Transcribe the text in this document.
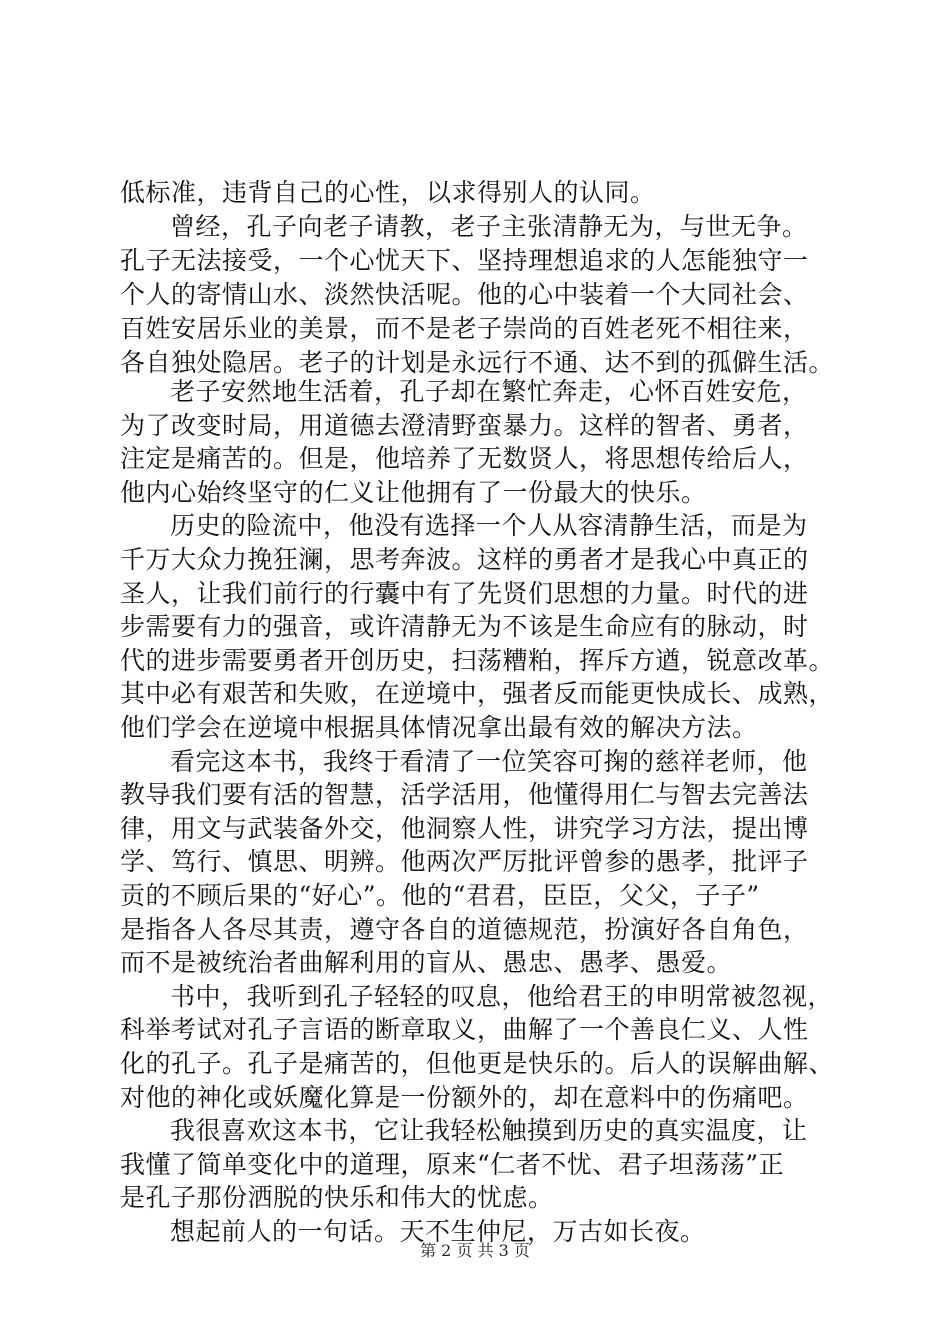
低标准，违背自己的心性，以求得别人的认同。
曾经，孔子向老子请教，老子主张清静无为，与世无争。
孔子无法接受，一个心忧天下、坚持理想追求的人怎能独守一
个人的寄情山水、淡然快活呢。他的心中装着一个大同社会、
百姓安居乐业的美景，而不是老子崇尚的百姓老死不相往来，
各自独处隐居。老子的计划是永远行不通、达不到的孤僻生活。
老子安然地生活着，孔子却在繁忙奔走，心怀百姓安危，
为了改变时局，用道德去澄清野蛮暴力。这样的智者、勇者，
注定是痛苦的。但是，他培养了无数贤人，将思想传给后人，
他内心始终坚守的仁义让他拥有了一份最大的快乐。
历史的险流中，他没有选择一个人从容清静生活，而是为
千万大众力挽狂澜，思考奔波。这样的勇者才是我心中真正的
圣人，让我们前行的行囊中有了先贤们思想的力量。时代的进
步需要有力的强音，或许清静无为不该是生命应有的脉动，时
代的进步需要勇者开创历史，扫荡糟粕，挥斥方遒，锐意改革。
其中必有艰苦和失败，在逆境中，强者反而能更快成长、成熟，
他们学会在逆境中根据具体情况拿出最有效的解决方法。
看完这本书，我终于看清了一位笑容可掬的慈祥老师，他
教导我们要有活的智慧，活学活用，他懂得用仁与智去完善法
律，用文与武装备外交，他洞察人性，讲究学习方法，提出博
学、笃行、慎思、明辨。他两次严厉批评曾参的愚孝，批评子
贡的不顾后果的“好心”。他的“君君，臣臣，父父，子子”
是指各人各尽其责，遵守各自的道德规范，扮演好各自角色，
而不是被统治者曲解利用的盲从、愚忠、愚孝、愚爱。
书中，我听到孔子轻轻的叹息，他给君王的申明常被忽视，
科举考试对孔子言语的断章取义，曲解了一个善良仁义、人性
化的孔子。孔子是痛苦的，但他更是快乐的。后人的误解曲解、
对他的神化或妖魔化算是一份额外的，却在意料中的伤痛吧。
我很喜欢这本书，它让我轻松触摸到历史的真实温度，让
我懂了简单变化中的道理，原来“仁者不忧、君子坦荡荡”正
是孔子那份洒脱的快乐和伟大的忧虑。
想起前人的一句话。天不生仲尼，万古如长夜。
第 2 页 共 3 页
